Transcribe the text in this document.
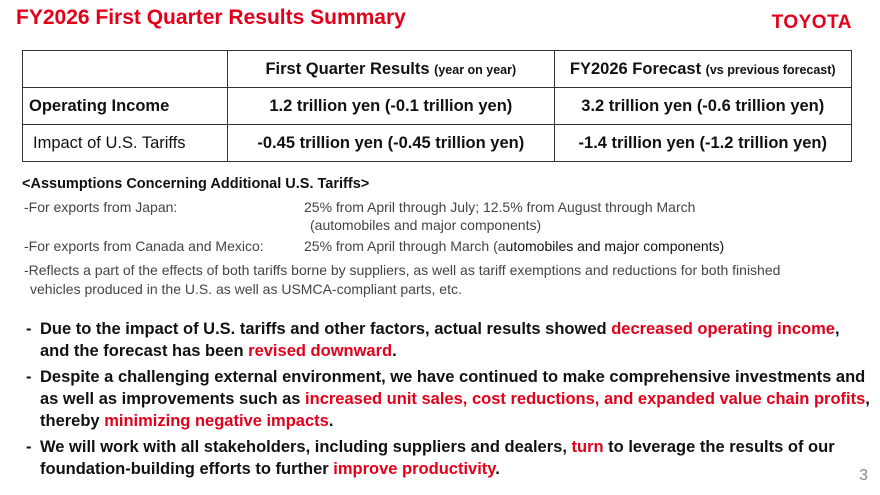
FY2026 First Quarter Results Summary	TOYOTA
	First Quarter Results (year on year)	FY2026 Forecast (vs previous forecast)
Operating Income	1.2 trillion yen (-0.1 trillion yen)	3.2 trillion yen (-0.6 trillion yen)
Impact of U.S. Tariffs	-0.45 trillion yen (-0.45 trillion yen)	-1.4 trillion yen (-1.2 trillion yen)
<Assumptions Concerning Additional U.S. Tariffs>
-For exports from Japan:	25% from April through July; 12.5% from August through March
(automobiles and major components)
-For exports from Canada and Mexico:	25% from April through March (automobiles and major components)
-Reflects a part of the effects of both tariffs borne by suppliers, as well as tariff exemptions and reductions for both finished
vehicles produced in the U.S. as well as USMCA-compliant parts, etc.
- Due to the impact of U.S. tariffs and other factors, actual results showed decreased operating income, and the forecast has been revised downward.
- Despite a challenging external environment, we have continued to make comprehensive investments and as well as improvements such as increased unit sales, cost reductions, and expanded value chain profits, thereby minimizing negative impacts.
- We will work with all stakeholders, including suppliers and dealers, turn to leverage the results of our foundation-building efforts to further improve productivity.	3
